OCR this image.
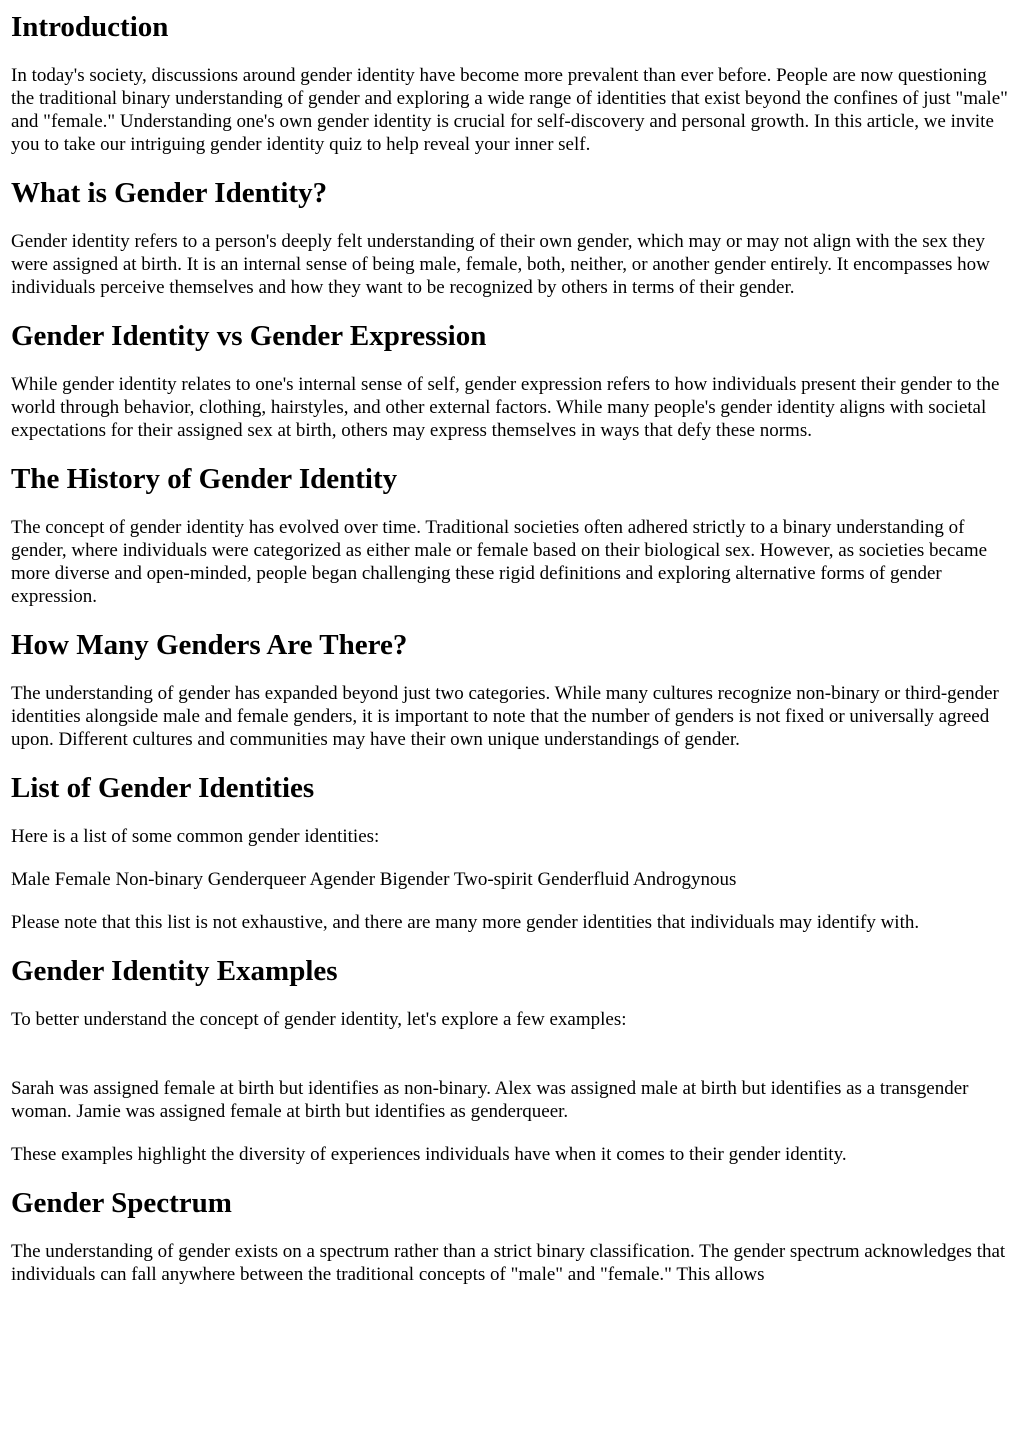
Introduction

In today's society, discussions around gender identity have become more prevalent than ever before. People are now questioning the traditional binary understanding of gender and exploring a wide range of identities that exist beyond the confines of just "male" and "female." Understanding one's own gender identity is crucial for self-discovery and personal growth. In this article, we invite you to take our intriguing gender identity quiz to help reveal your inner self.

What is Gender Identity?

Gender identity refers to a person's deeply felt understanding of their own gender, which may or may not align with the sex they were assigned at birth. It is an internal sense of being male, female, both, neither, or another gender entirely. It encompasses how individuals perceive themselves and how they want to be recognized by others in terms of their gender.

Gender Identity vs Gender Expression

While gender identity relates to one's internal sense of self, gender expression refers to how individuals present their gender to the world through behavior, clothing, hairstyles, and other external factors. While many people's gender identity aligns with societal expectations for their assigned sex at birth, others may express themselves in ways that defy these norms.

The History of Gender Identity

The concept of gender identity has evolved over time. Traditional societies often adhered strictly to a binary understanding of gender, where individuals were categorized as either male or female based on their biological sex. However, as societies became more diverse and open-minded, people began challenging these rigid definitions and exploring alternative forms of gender expression.

How Many Genders Are There?

The understanding of gender has expanded beyond just two categories. While many cultures recognize non-binary or third-gender identities alongside male and female genders, it is important to note that the number of genders is not fixed or universally agreed upon. Different cultures and communities may have their own unique understandings of gender.

List of Gender Identities

Here is a list of some common gender identities:

Male Female Non-binary Genderqueer Agender Bigender Two-spirit Genderfluid Androgynous

Please note that this list is not exhaustive, and there are many more gender identities that individuals may identify with.

Gender Identity Examples

To better understand the concept of gender identity, let's explore a few examples:

Sarah was assigned female at birth but identifies as non-binary. Alex was assigned male at birth but identifies as a transgender woman. Jamie was assigned female at birth but identifies as genderqueer.

These examples highlight the diversity of experiences individuals have when it comes to their gender identity.

Gender Spectrum

The understanding of gender exists on a spectrum rather than a strict binary classification. The gender spectrum acknowledges that individuals can fall anywhere between the traditional concepts of "male" and "female." This allows
